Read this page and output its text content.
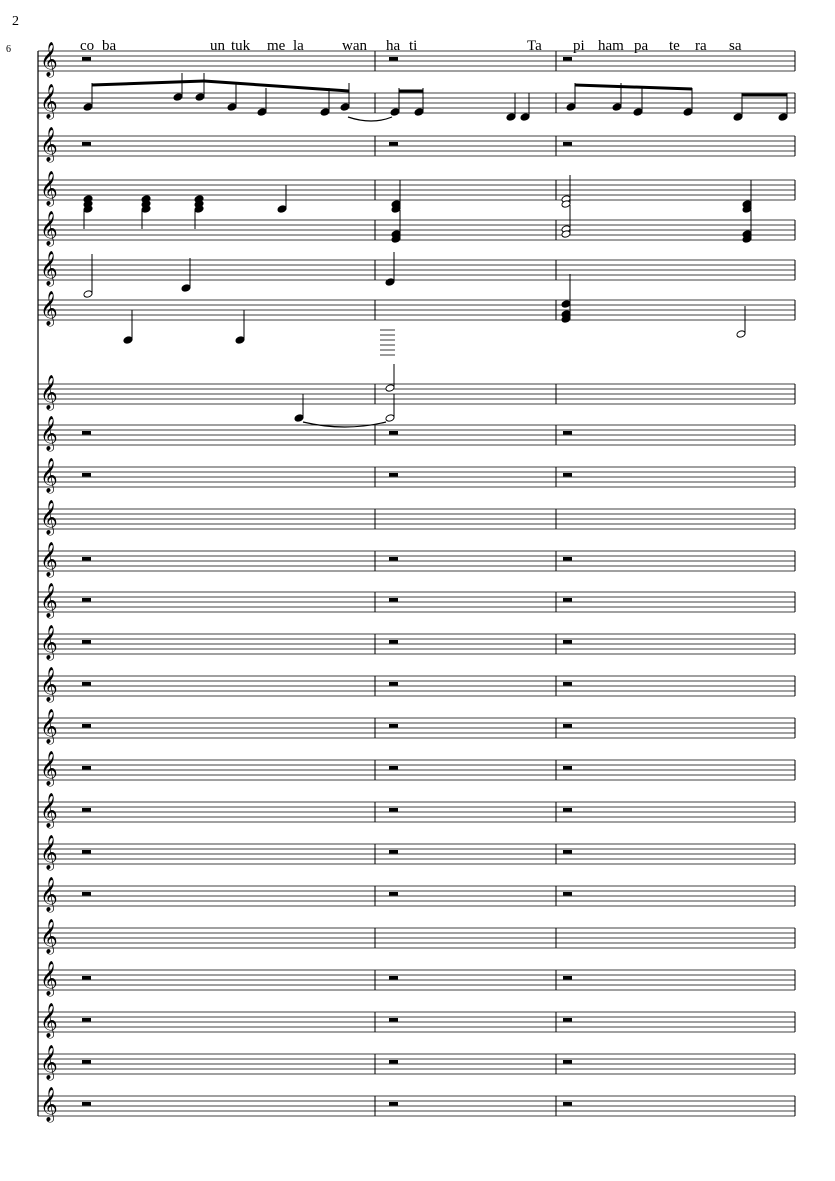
2
6	co ba	un tuk me la	wan ha ti	Ta pi ham pa te ra sa
𝄞
𝄞
𝄞
𝄞
𝄞
𝄞
𝄞
𝄞
𝄞
𝄞
𝄞
𝄞
𝄞
𝄞
𝄞
𝄞
𝄞
𝄞
𝄞
𝄞
𝄞
𝄞
𝄞
𝄞
𝄞
